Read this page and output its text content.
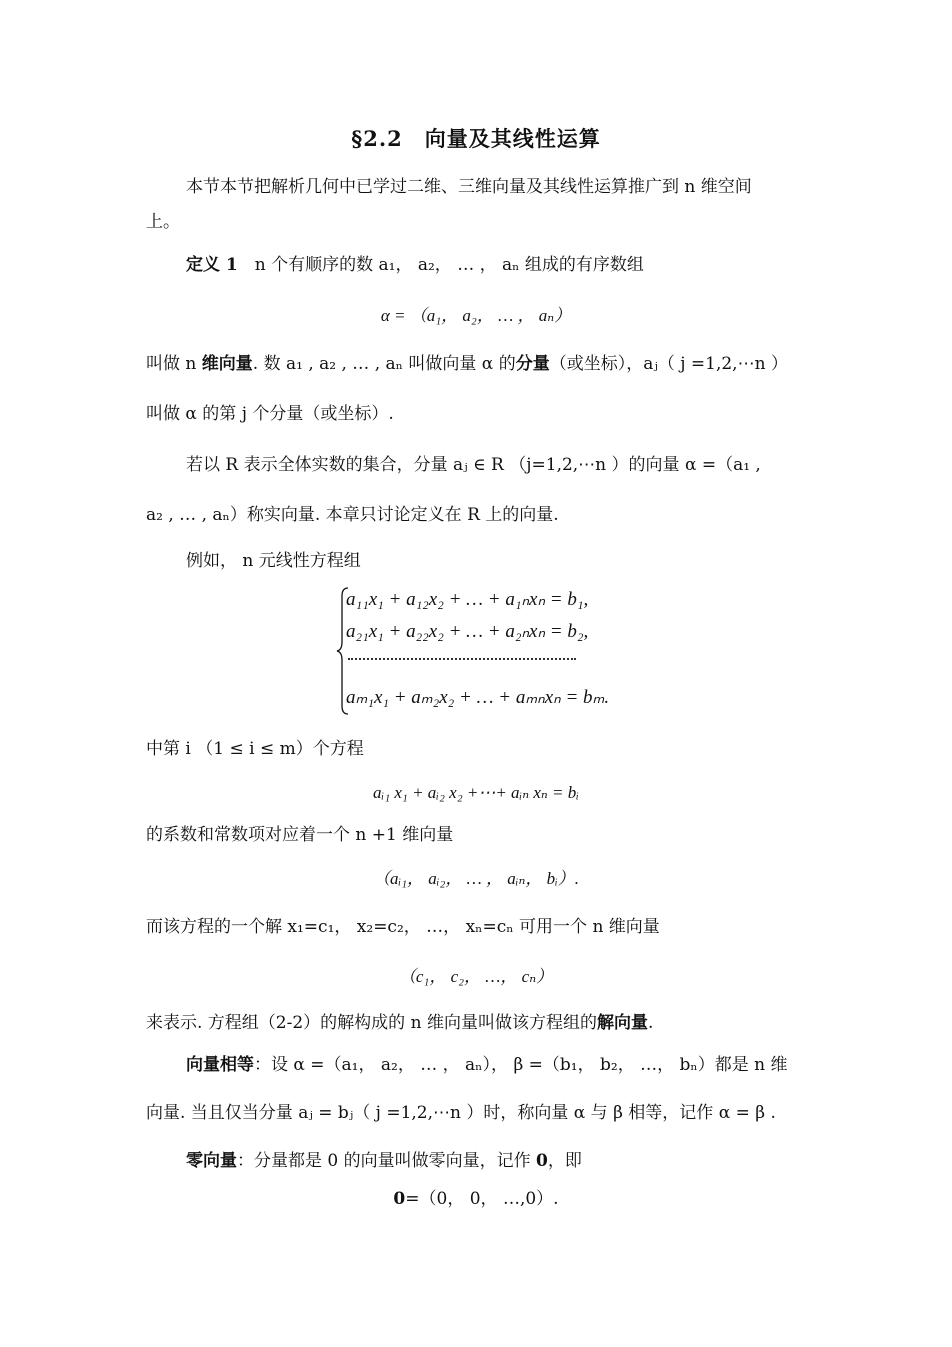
§2.2　向量及其线性运算
本节本节把解析几何中已学过二维、三维向量及其线性运算推广到 n 维空间
上。
定义 1　 n 个有顺序的数 a₁， a₂， … ， aₙ 组成的有序数组
α = （a₁， a₂， … ， aₙ）
叫做 n 维向量. 数 a₁ , a₂ , … , aₙ 叫做向量 α 的分量（或坐标），aⱼ（ j =1,2,⋯n ）
叫做 α 的第 j 个分量（或坐标）.
若以 R 表示全体实数的集合，分量 aⱼ ∈ R （j=1,2,⋯n ）的向量 α =（a₁ ,
a₂ , … , aₙ）称实向量. 本章只讨论定义在 R 上的向量.
例如， n 元线性方程组
a₁₁x₁ + a₁₂x₂ + … + a₁ₙxₙ = b₁,
a₂₁x₁ + a₂₂x₂ + … + a₂ₙxₙ = b₂,
aₘ₁x₁ + aₘ₂x₂ + … + aₘₙxₙ = bₘ.
中第 i （1 ≤ i ≤ m）个方程
aᵢ₁ x₁ + aᵢ₂ x₂ +⋯+ aᵢₙ xₙ = bᵢ
的系数和常数项对应着一个 n +1 维向量
（aᵢ₁， aᵢ₂， … ， aᵢₙ， bᵢ）.
而该方程的一个解 x₁=c₁， x₂=c₂， …， xₙ=cₙ 可用一个 n 维向量
（c₁， c₂， …， cₙ）
来表示. 方程组（2-2）的解构成的 n 维向量叫做该方程组的解向量.
向量相等：设 α =（a₁， a₂， … ， aₙ）， β =（b₁， b₂， …， bₙ）都是 n 维
向量. 当且仅当分量 aⱼ = bⱼ（ j =1,2,⋯n ）时，称向量 α 与 β 相等，记作 α = β .
零向量：分量都是 0 的向量叫做零向量，记作 0，即
0=（0， 0， …,0）.
